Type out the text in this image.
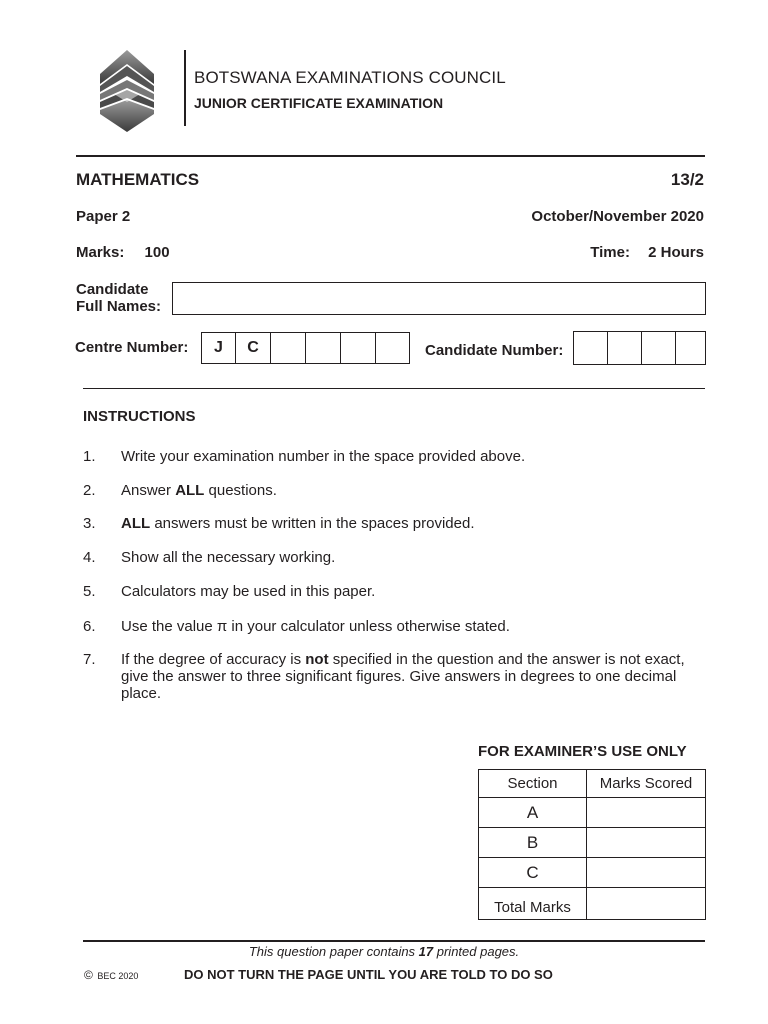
BOTSWANA EXAMINATIONS COUNCIL
JUNIOR CERTIFICATE EXAMINATION
MATHEMATICS	13/2
Paper 2	October/November 2020
Marks: 100	Time: 2 Hours
Candidate
Full Names:
Centre Number:	J	C	Candidate Number:
INSTRUCTIONS
1. Write your examination number in the space provided above.
2. Answer ALL questions.
3. ALL answers must be written in the spaces provided.
4. Show all the necessary working.
5. Calculators may be used in this paper.
6. Use the value π in your calculator unless otherwise stated.
7. If the degree of accuracy is not specified in the question and the answer is not exact, give the answer to three significant figures. Give answers in degrees to one decimal place.
FOR EXAMINER’S USE ONLY
Section	Marks Scored
A	
B	
C	
Total Marks	
This question paper contains 17 printed pages.
© BEC 2020	DO NOT TURN THE PAGE UNTIL YOU ARE TOLD TO DO SO
